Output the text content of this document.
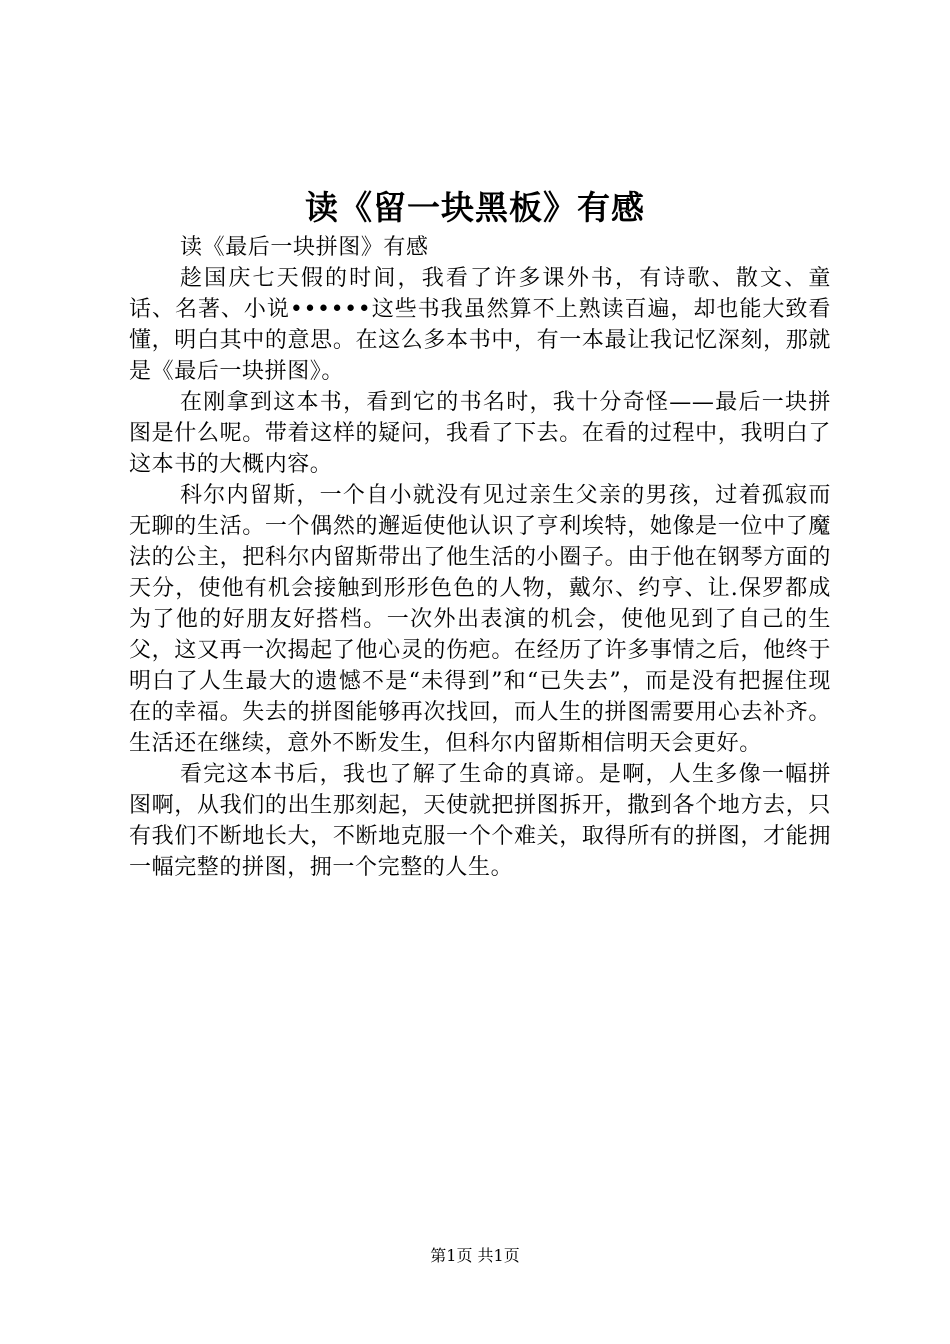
读《留一块黑板》有感

读《最后一块拼图》有感

趁国庆七天假的时间，我看了许多课外书，有诗歌、散文、童话、名著、小说••••••这些书我虽然算不上熟读百遍，却也能大致看懂，明白其中的意思。在这么多本书中，有一本最让我记忆深刻，那就是《最后一块拼图》。

在刚拿到这本书，看到它的书名时，我十分奇怪——最后一块拼图是什么呢。带着这样的疑问，我看了下去。在看的过程中，我明白了这本书的大概内容。

科尔内留斯，一个自小就没有见过亲生父亲的男孩，过着孤寂而无聊的生活。一个偶然的邂逅使他认识了亨利埃特，她像是一位中了魔法的公主，把科尔内留斯带出了他生活的小圈子。由于他在钢琴方面的天分，使他有机会接触到形形色色的人物，戴尔、约亨、让.保罗都成为了他的好朋友好搭档。一次外出表演的机会，使他见到了自己的生父，这又再一次揭起了他心灵的伤疤。在经历了许多事情之后，他终于明白了人生最大的遗憾不是“未得到”和“已失去”，而是没有把握住现在的幸福。失去的拼图能够再次找回，而人生的拼图需要用心去补齐。生活还在继续，意外不断发生，但科尔内留斯相信明天会更好。

看完这本书后，我也了解了生命的真谛。是啊，人生多像一幅拼图啊，从我们的出生那刻起，天使就把拼图拆开，撒到各个地方去，只有我们不断地长大，不断地克服一个个难关，取得所有的拼图，才能拥一幅完整的拼图，拥一个完整的人生。

第1页 共1页
